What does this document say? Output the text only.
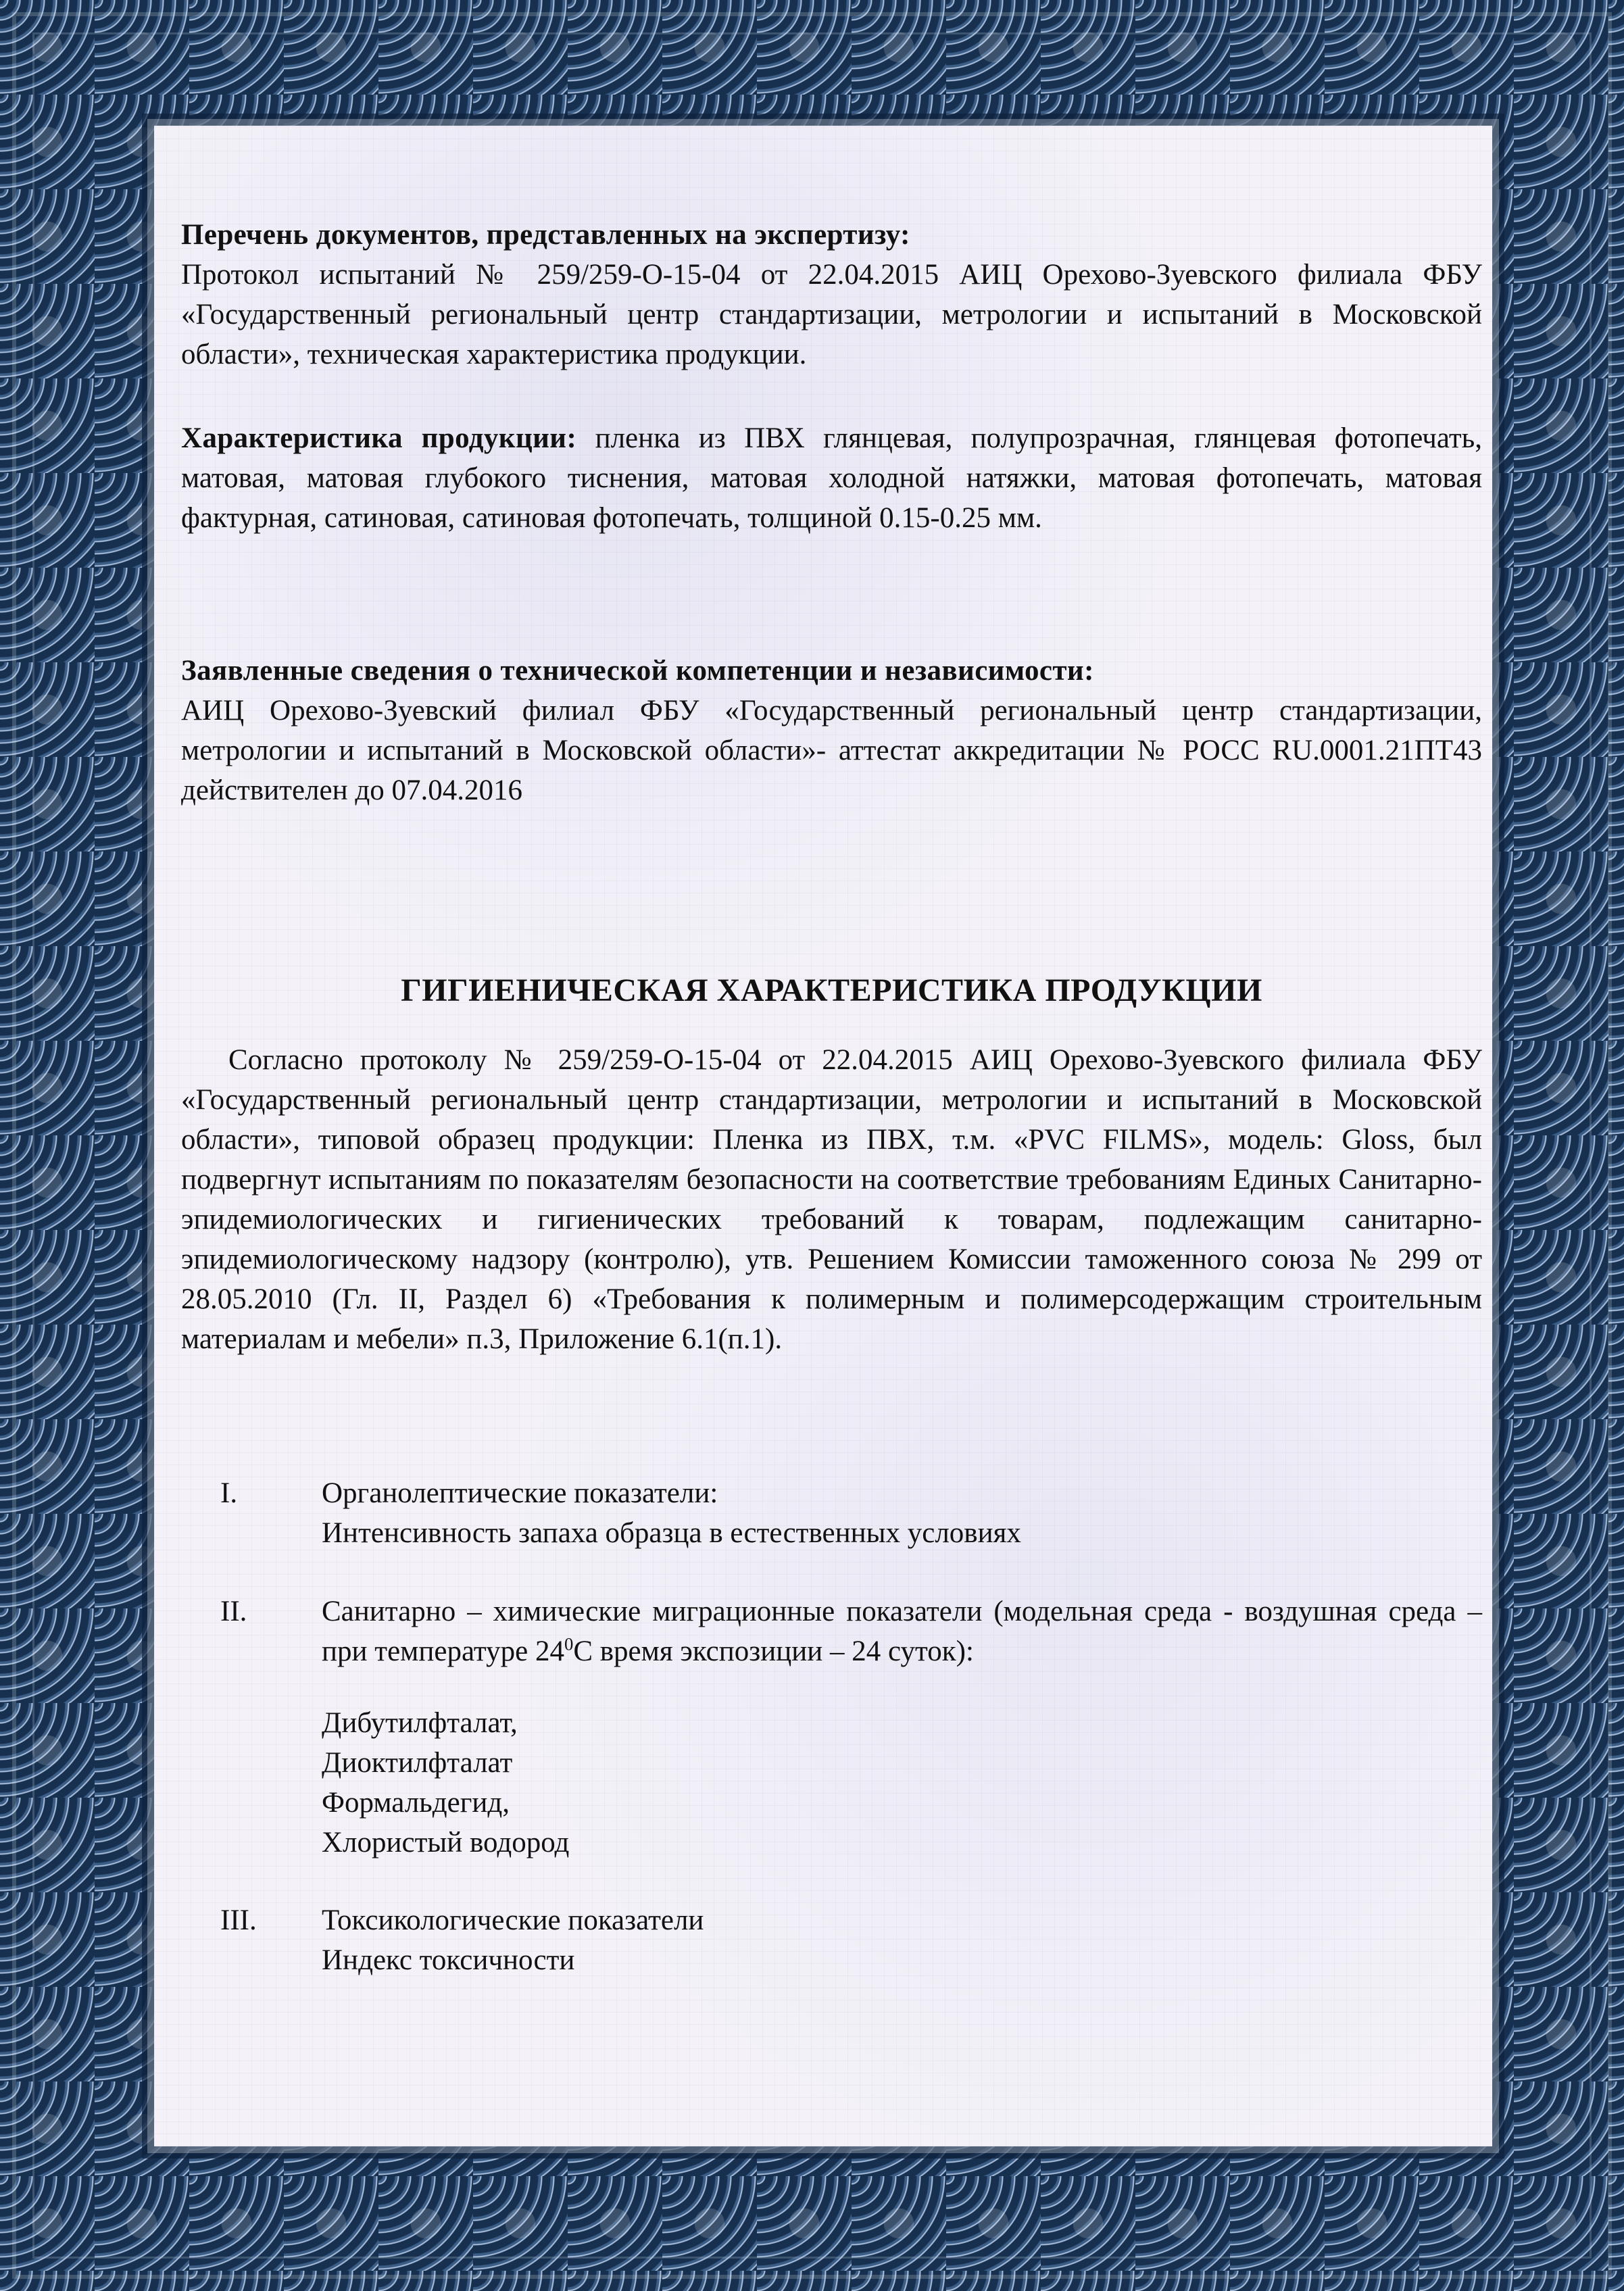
Перечень документов, представленных на экспертизу:
Протокол испытаний № 259/259-О-15-04 от 22.04.2015 АИЦ Орехово-Зуевского филиала ФБУ «Государственный региональный центр стандартизации, метрологии и испытаний в Московской области», техническая характеристика продукции.
Характеристика продукции: пленка из ПВХ глянцевая, полупрозрачная, глянцевая фотопечать, матовая, матовая глубокого тиснения, матовая холодной натяжки, матовая фотопечать, матовая фактурная, сатиновая, сатиновая фотопечать, толщиной 0.15-0.25 мм.
Заявленные сведения о технической компетенции и независимости:
АИЦ Орехово-Зуевский филиал ФБУ «Государственный региональный центр стандартизации, метрологии и испытаний в Московской области»- аттестат аккредитации № РОСС RU.0001.21ПТ43 действителен до 07.04.2016
ГИГИЕНИЧЕСКАЯ ХАРАКТЕРИСТИКА ПРОДУКЦИИ
Согласно протоколу № 259/259-О-15-04 от 22.04.2015 АИЦ Орехово-Зуевского филиала ФБУ «Государственный региональный центр стандартизации, метрологии и испытаний в Московской области», типовой образец продукции: Пленка из ПВХ, т.м. «PVC FILMS», модель: Gloss, был подвергнут испытаниям по показателям безопасности на соответствие требованиям Единых Санитарно-эпидемиологических и гигиенических требований к товарам, подлежащим санитарно-эпидемиологическому надзору (контролю), утв. Решением Комиссии таможенного союза № 299 от 28.05.2010 (Гл. II, Раздел 6) «Требования к полимерным и полимерсодержащим строительным материалам и мебели» п.3, Приложение 6.1(п.1).
I.	Органолептические показатели:
Интенсивность запаха образца в естественных условиях
II.	Санитарно – химические миграционные показатели (модельная среда - воздушная среда –при температуре $24^0С$ время экспозиции – 24 суток):
Дибутилфталат,
Диоктилфталат
Формальдегид,
Хлористый водород
III.	Токсикологические показатели
Индекс токсичности
